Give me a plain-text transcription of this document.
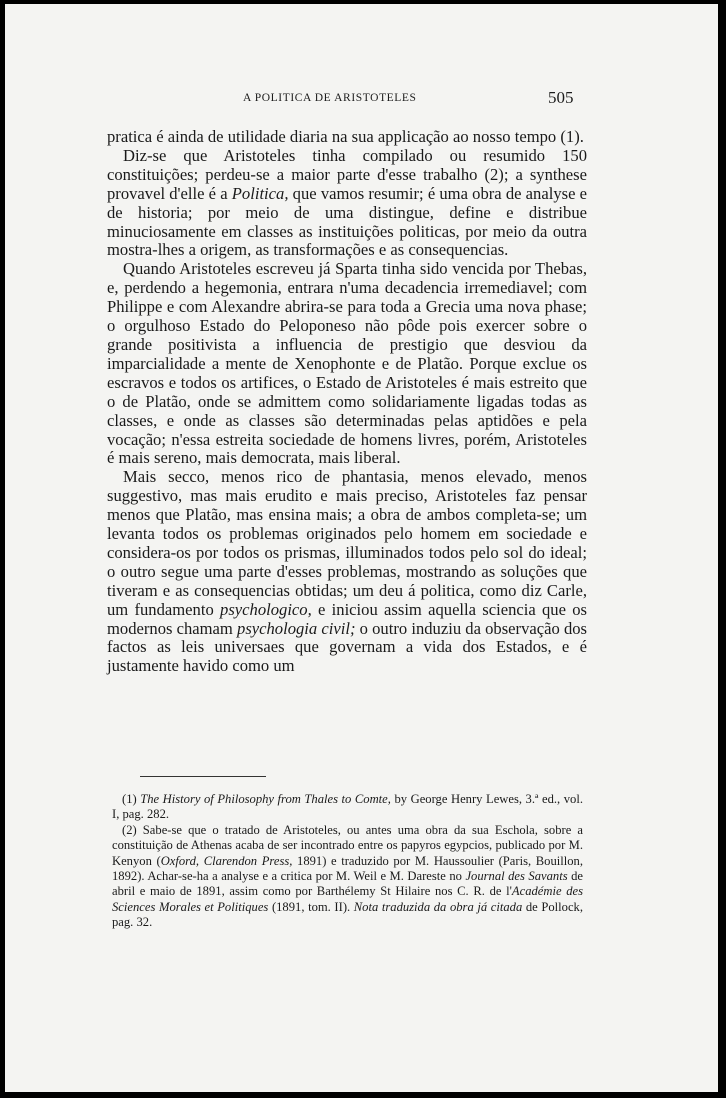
A POLITICA DE ARISTOTELES	505

pratica é ainda de utilidade diaria na sua applicação ao nosso tempo (1).

Diz-se que Aristoteles tinha compilado ou resumido 150 constituições; perdeu-se a maior parte d'esse trabalho (2); a synthese provavel d'elle é a Politica, que vamos resumir; é uma obra de analyse e de historia; por meio de uma distingue, define e distribue minuciosamente em classes as instituições politicas, por meio da outra mostra-lhes a origem, as transformações e as consequencias.

Quando Aristoteles escreveu já Sparta tinha sido vencida por Thebas, e, perdendo a hegemonia, entrara n'uma decadencia irremediavel; com Philippe e com Alexandre abrira-se para toda a Grecia uma nova phase; o orgulhoso Estado do Peloponeso não pôde pois exercer sobre o grande positivista a influencia de prestigio que desviou da imparcialidade a mente de Xenophonte e de Platão. Porque exclue os escravos e todos os artifices, o Estado de Aristoteles é mais estreito que o de Platão, onde se admittem como solidariamente ligadas todas as classes, e onde as classes são determinadas pelas aptidões e pela vocação; n'essa estreita sociedade de homens livres, porém, Aristoteles é mais sereno, mais democrata, mais liberal.

Mais secco, menos rico de phantasia, menos elevado, menos suggestivo, mas mais erudito e mais preciso, Aristoteles faz pensar menos que Platão, mas ensina mais; a obra de ambos completa-se; um levanta todos os problemas originados pelo homem em sociedade e considera-os por todos os prismas, illuminados todos pelo sol do ideal; o outro segue uma parte d'esses problemas, mostrando as soluções que tiveram e as consequencias obtidas; um deu á politica, como diz Carle, um fundamento psychologico, e iniciou assim aquella sciencia que os modernos chamam psychologia civil; o outro induziu da observação dos factos as leis universaes que governam a vida dos Estados, e é justamente havido como um

(1) The History of Philosophy from Thales to Comte, by George Henry Lewes, 3.ª ed., vol. I, pag. 282.

(2) Sabe-se que o tratado de Aristoteles, ou antes uma obra da sua Eschola, sobre a constituição de Athenas acaba de ser incontrado entre os papyros egypcios, publicado por M. Kenyon (Oxford, Clarendon Press, 1891) e traduzido por M. Haussoulier (Paris, Bouillon, 1892). Achar-se-ha a analyse e a critica por M. Weil e M. Dareste no Journal des Savants de abril e maio de 1891, assim como por Barthélemy St Hilaire nos C. R. de l'Académie des Sciences Morales et Politiques (1891, tom. II). Nota traduzida da obra já citada de Pollock, pag. 32.
